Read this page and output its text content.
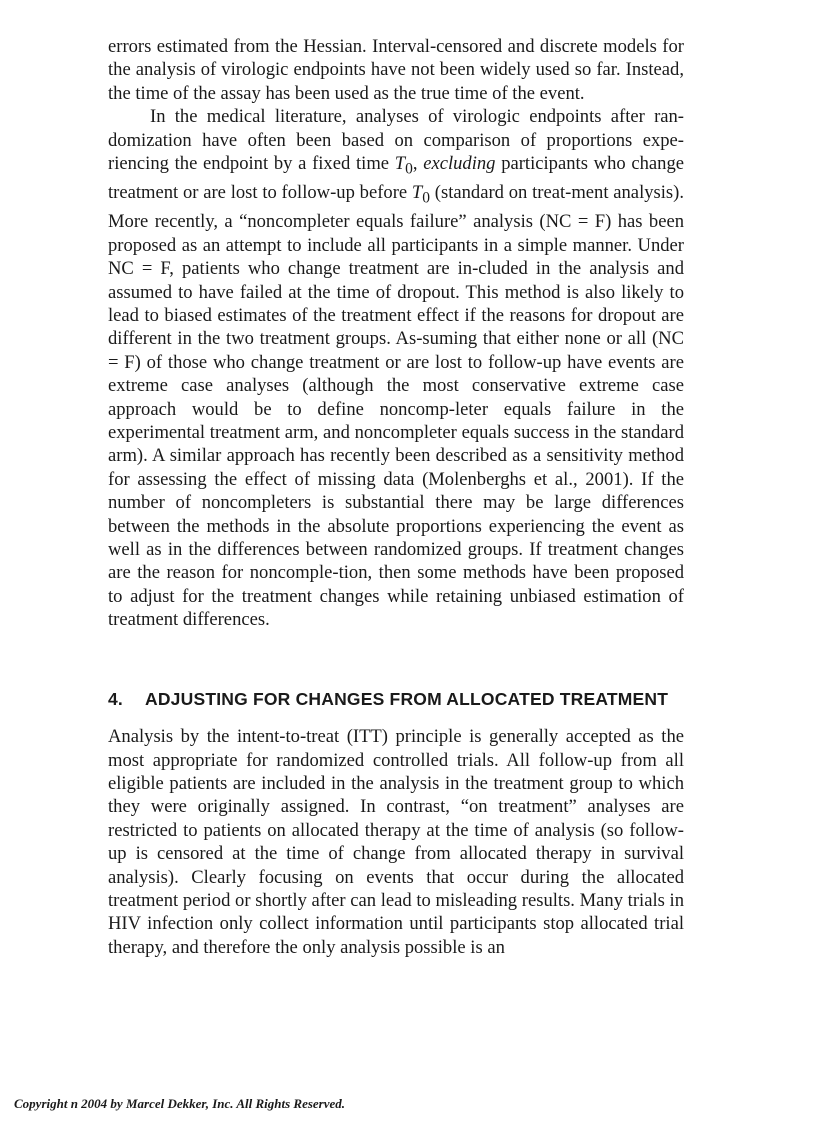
errors estimated from the Hessian. Interval-censored and discrete models for the analysis of virologic endpoints have not been widely used so far. Instead, the time of the assay has been used as the true time of the event.

In the medical literature, analyses of virologic endpoints after ran-domization have often been based on comparison of proportions expe-riencing the endpoint by a fixed time $T_0$, excluding participants who change treatment or are lost to follow-up before $T_0$ (standard on treat-ment analysis). More recently, a “noncompleter equals failure” analysis (NC = F) has been proposed as an attempt to include all participants in a simple manner. Under NC = F, patients who change treatment are in-cluded in the analysis and assumed to have failed at the time of dropout. This method is also likely to lead to biased estimates of the treatment effect if the reasons for dropout are different in the two treatment groups. As-suming that either none or all (NC = F) of those who change treatment or are lost to follow-up have events are extreme case analyses (although the most conservative extreme case approach would be to define noncomp-leter equals failure in the experimental treatment arm, and noncompleter equals success in the standard arm). A similar approach has recently been described as a sensitivity method for assessing the effect of missing data (Molenberghs et al., 2001). If the number of noncompleters is substantial there may be large differences between the methods in the absolute proportions experiencing the event as well as in the differences between randomized groups. If treatment changes are the reason for noncomple-tion, then some methods have been proposed to adjust for the treatment changes while retaining unbiased estimation of treatment differences.

4.	ADJUSTING FOR CHANGES FROM ALLOCATED TREATMENT

Analysis by the intent-to-treat (ITT) principle is generally accepted as the most appropriate for randomized controlled trials. All follow-up from all eligible patients are included in the analysis in the treatment group to which they were originally assigned. In contrast, “on treatment” analyses are restricted to patients on allocated therapy at the time of analysis (so follow-up is censored at the time of change from allocated therapy in survival analysis). Clearly focusing on events that occur during the allocated treatment period or shortly after can lead to misleading results. Many trials in HIV infection only collect information until participants stop allocated trial therapy, and therefore the only analysis possible is an

Copyright n 2004 by Marcel Dekker, Inc. All Rights Reserved.
